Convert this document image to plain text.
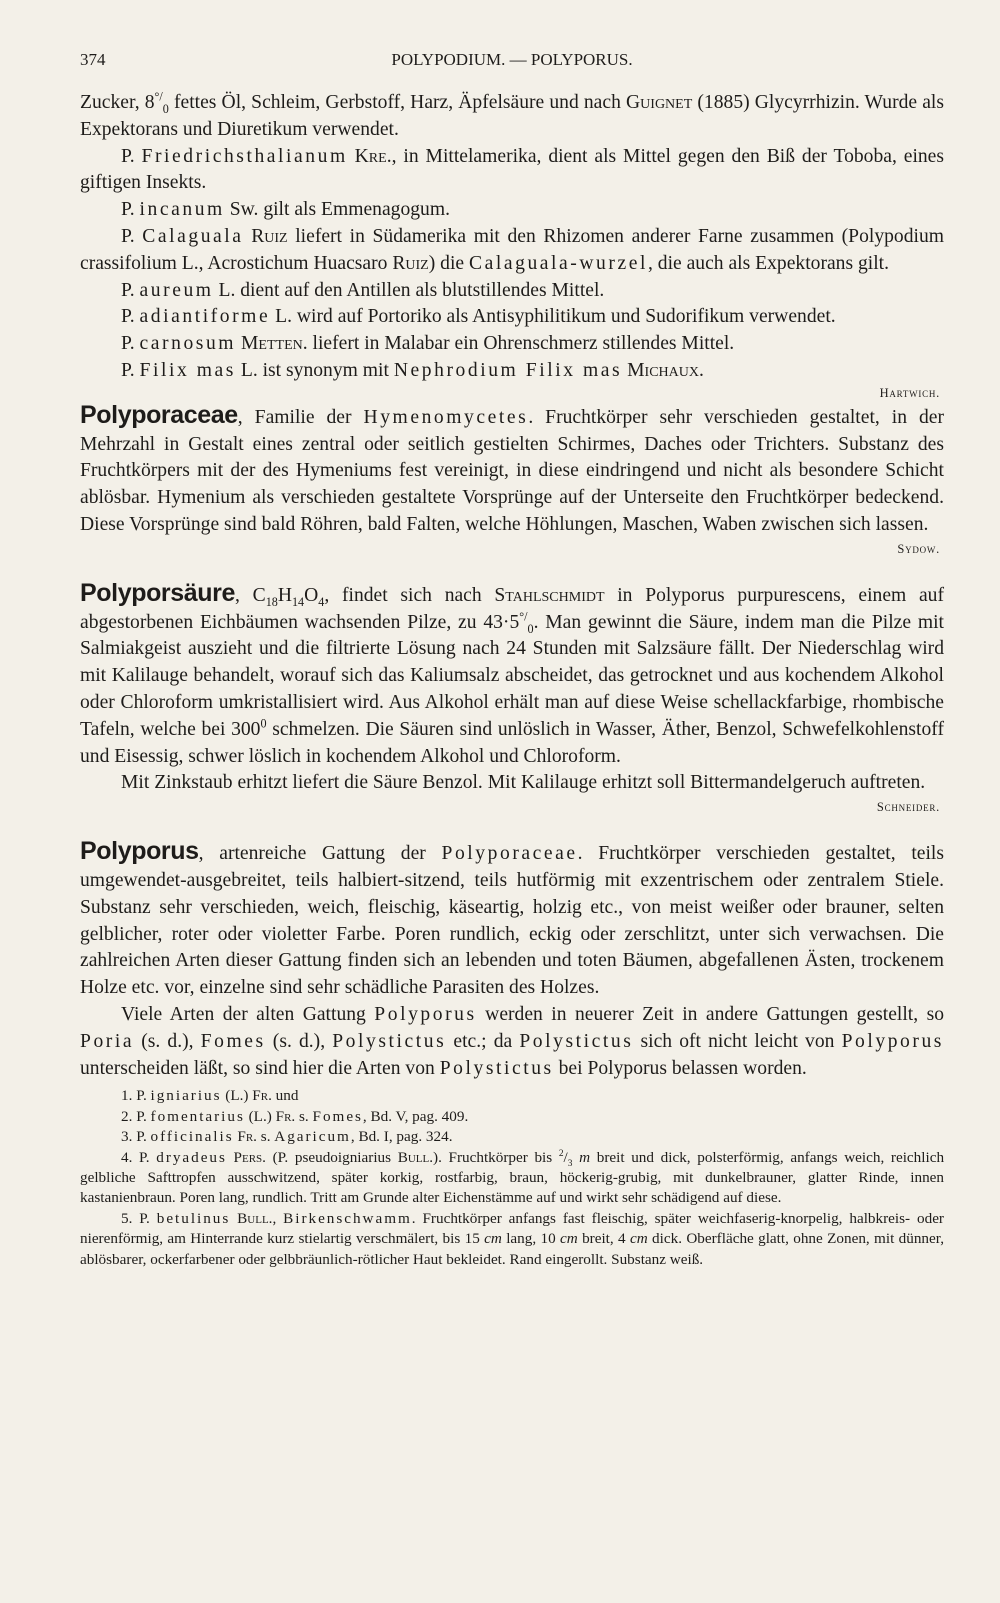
374	POLYPODIUM. — POLYPORUS.

Zucker, $8^{^\circ/}_0$ fettes Öl, Schleim, Gerbstoff, Harz, Äpfelsäure und nach Guignet (1885) Glycyrrhizin. Wurde als Expektorans und Diuretikum verwendet.

P. Friedrichsthalianum Kre., in Mittelamerika, dient als Mittel gegen den Biß der Toboba, eines giftigen Insekts.

P. incanum Sw. gilt als Emmenagogum.

P. Calaguala Ruiz liefert in Südamerika mit den Rhizomen anderer Farne zusammen (Polypodium crassifolium L., Acrostichum Huacsaro Ruiz) die Calaguala-wurzel, die auch als Expektorans gilt.

P. aureum L. dient auf den Antillen als blutstillendes Mittel.

P. adiantiforme L. wird auf Portoriko als Antisyphilitikum und Sudorifikum verwendet.

P. carnosum Metten. liefert in Malabar ein Ohrenschmerz stillendes Mittel.

P. Filix mas L. ist synonym mit Nephrodium Filix mas Michaux.

Hartwich.

Polyporaceae, Familie der Hymenomycetes. Fruchtkörper sehr verschieden gestaltet, in der Mehrzahl in Gestalt eines zentral oder seitlich gestielten Schirmes, Daches oder Trichters. Substanz des Fruchtkörpers mit der des Hymeniums fest vereinigt, in diese eindringend und nicht als besondere Schicht ablösbar. Hymenium als verschieden gestaltete Vorsprünge auf der Unterseite den Fruchtkörper bedeckend. Diese Vorsprünge sind bald Röhren, bald Falten, welche Höhlungen, Maschen, Waben zwischen sich lassen.
Sydow.

Polyporsäure, $C_{18}H_{14}O_4$, findet sich nach Stahlschmidt in Polyporus purpurescens, einem auf abgestorbenen Eichbäumen wachsenden Pilze, zu $43\cdot 5^{^\circ/}_0$. Man gewinnt die Säure, indem man die Pilze mit Salmiakgeist auszieht und die filtrierte Lösung nach 24 Stunden mit Salzsäure fällt. Der Niederschlag wird mit Kalilauge behandelt, worauf sich das Kaliumsalz abscheidet, das getrocknet und aus kochendem Alkohol oder Chloroform umkristallisiert wird. Aus Alkohol erhält man auf diese Weise schellackfarbige, rhombische Tafeln, welche bei $300^0$ schmelzen. Die Säuren sind unlöslich in Wasser, Äther, Benzol, Schwefelkohlenstoff und Eisessig, schwer löslich in kochendem Alkohol und Chloroform.

Mit Zinkstaub erhitzt liefert die Säure Benzol. Mit Kalilauge erhitzt soll Bittermandelgeruch auftreten.
Schneider.

Polyporus, artenreiche Gattung der Polyporaceae. Fruchtkörper verschieden gestaltet, teils umgewendet-ausgebreitet, teils halbiert-sitzend, teils hutförmig mit exzentrischem oder zentralem Stiele. Substanz sehr verschieden, weich, fleischig, käseartig, holzig etc., von meist weißer oder brauner, selten gelblicher, roter oder violetter Farbe. Poren rundlich, eckig oder zerschlitzt, unter sich verwachsen. Die zahlreichen Arten dieser Gattung finden sich an lebenden und toten Bäumen, abgefallenen Ästen, trockenem Holze etc. vor, einzelne sind sehr schädliche Parasiten des Holzes.

Viele Arten der alten Gattung Polyporus werden in neuerer Zeit in andere Gattungen gestellt, so Poria (s. d.), Fomes (s. d.), Polystictus etc.; da Polystictus sich oft nicht leicht von Polyporus unterscheiden läßt, so sind hier die Arten von Polystictus bei Polyporus belassen worden.

1. P. igniarius (L.) Fr. und
2. P. fomentarius (L.) Fr. s. Fomes, Bd. V, pag. 409.
3. P. officinalis Fr. s. Agaricum, Bd. I, pag. 324.
4. P. dryadeus Pers. (P. pseudoigniarius Bull.). Fruchtkörper bis $^2/_3$ m breit und dick, polsterförmig, anfangs weich, reichlich gelbliche Safttropfen ausschwitzend, später korkig, rostfarbig, braun, höckerig-grubig, mit dunkelbrauner, glatter Rinde, innen kastanienbraun. Poren lang, rundlich. Tritt am Grunde alter Eichenstämme auf und wirkt sehr schädigend auf diese.
5. P. betulinus Bull., Birkenschwamm. Fruchtkörper anfangs fast fleischig, später weichfaserig-knorpelig, halbkreis- oder nierenförmig, am Hinterrande kurz stielartig verschmälert, bis 15 cm lang, 10 cm breit, 4 cm dick. Oberfläche glatt, ohne Zonen, mit dünner, ablösbarer, ockerfarbener oder gelbbräunlich-rötlicher Haut bekleidet. Rand eingerollt. Substanz weiß.
